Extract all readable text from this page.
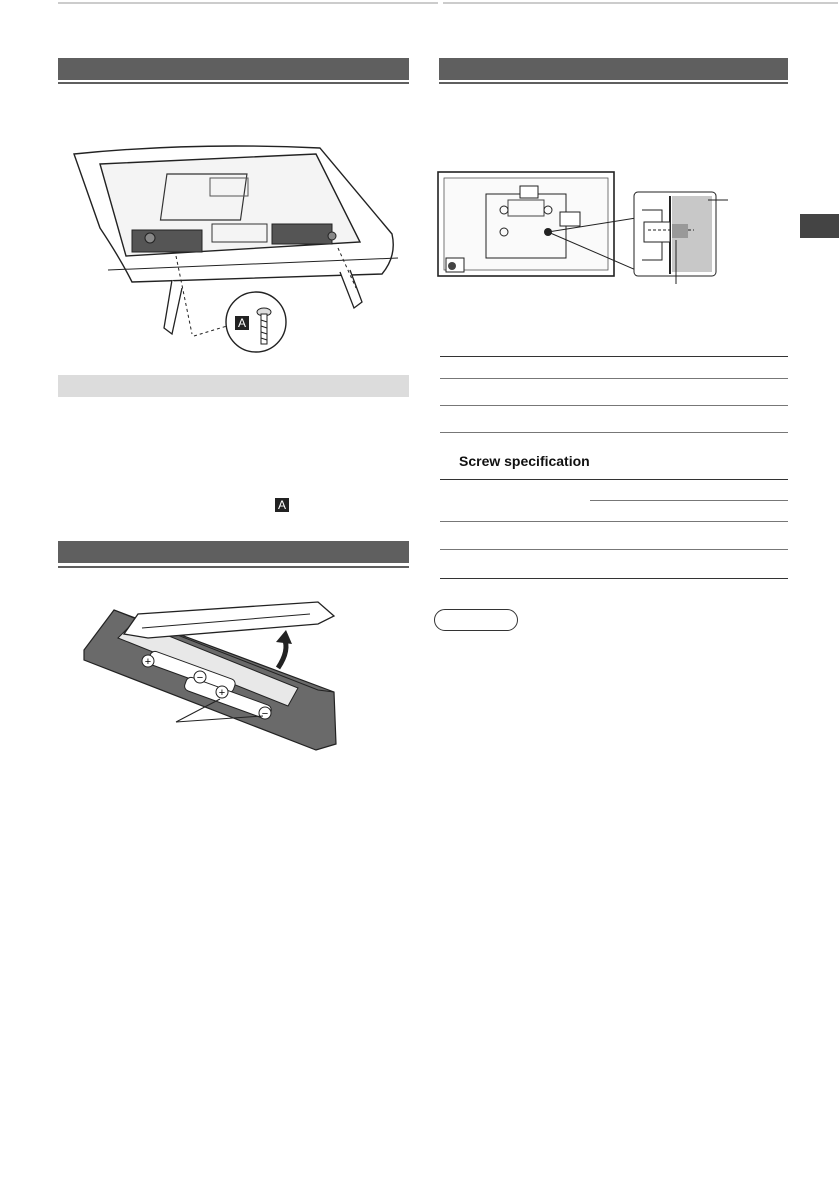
A
A
+
−
+
−
Screw specification
